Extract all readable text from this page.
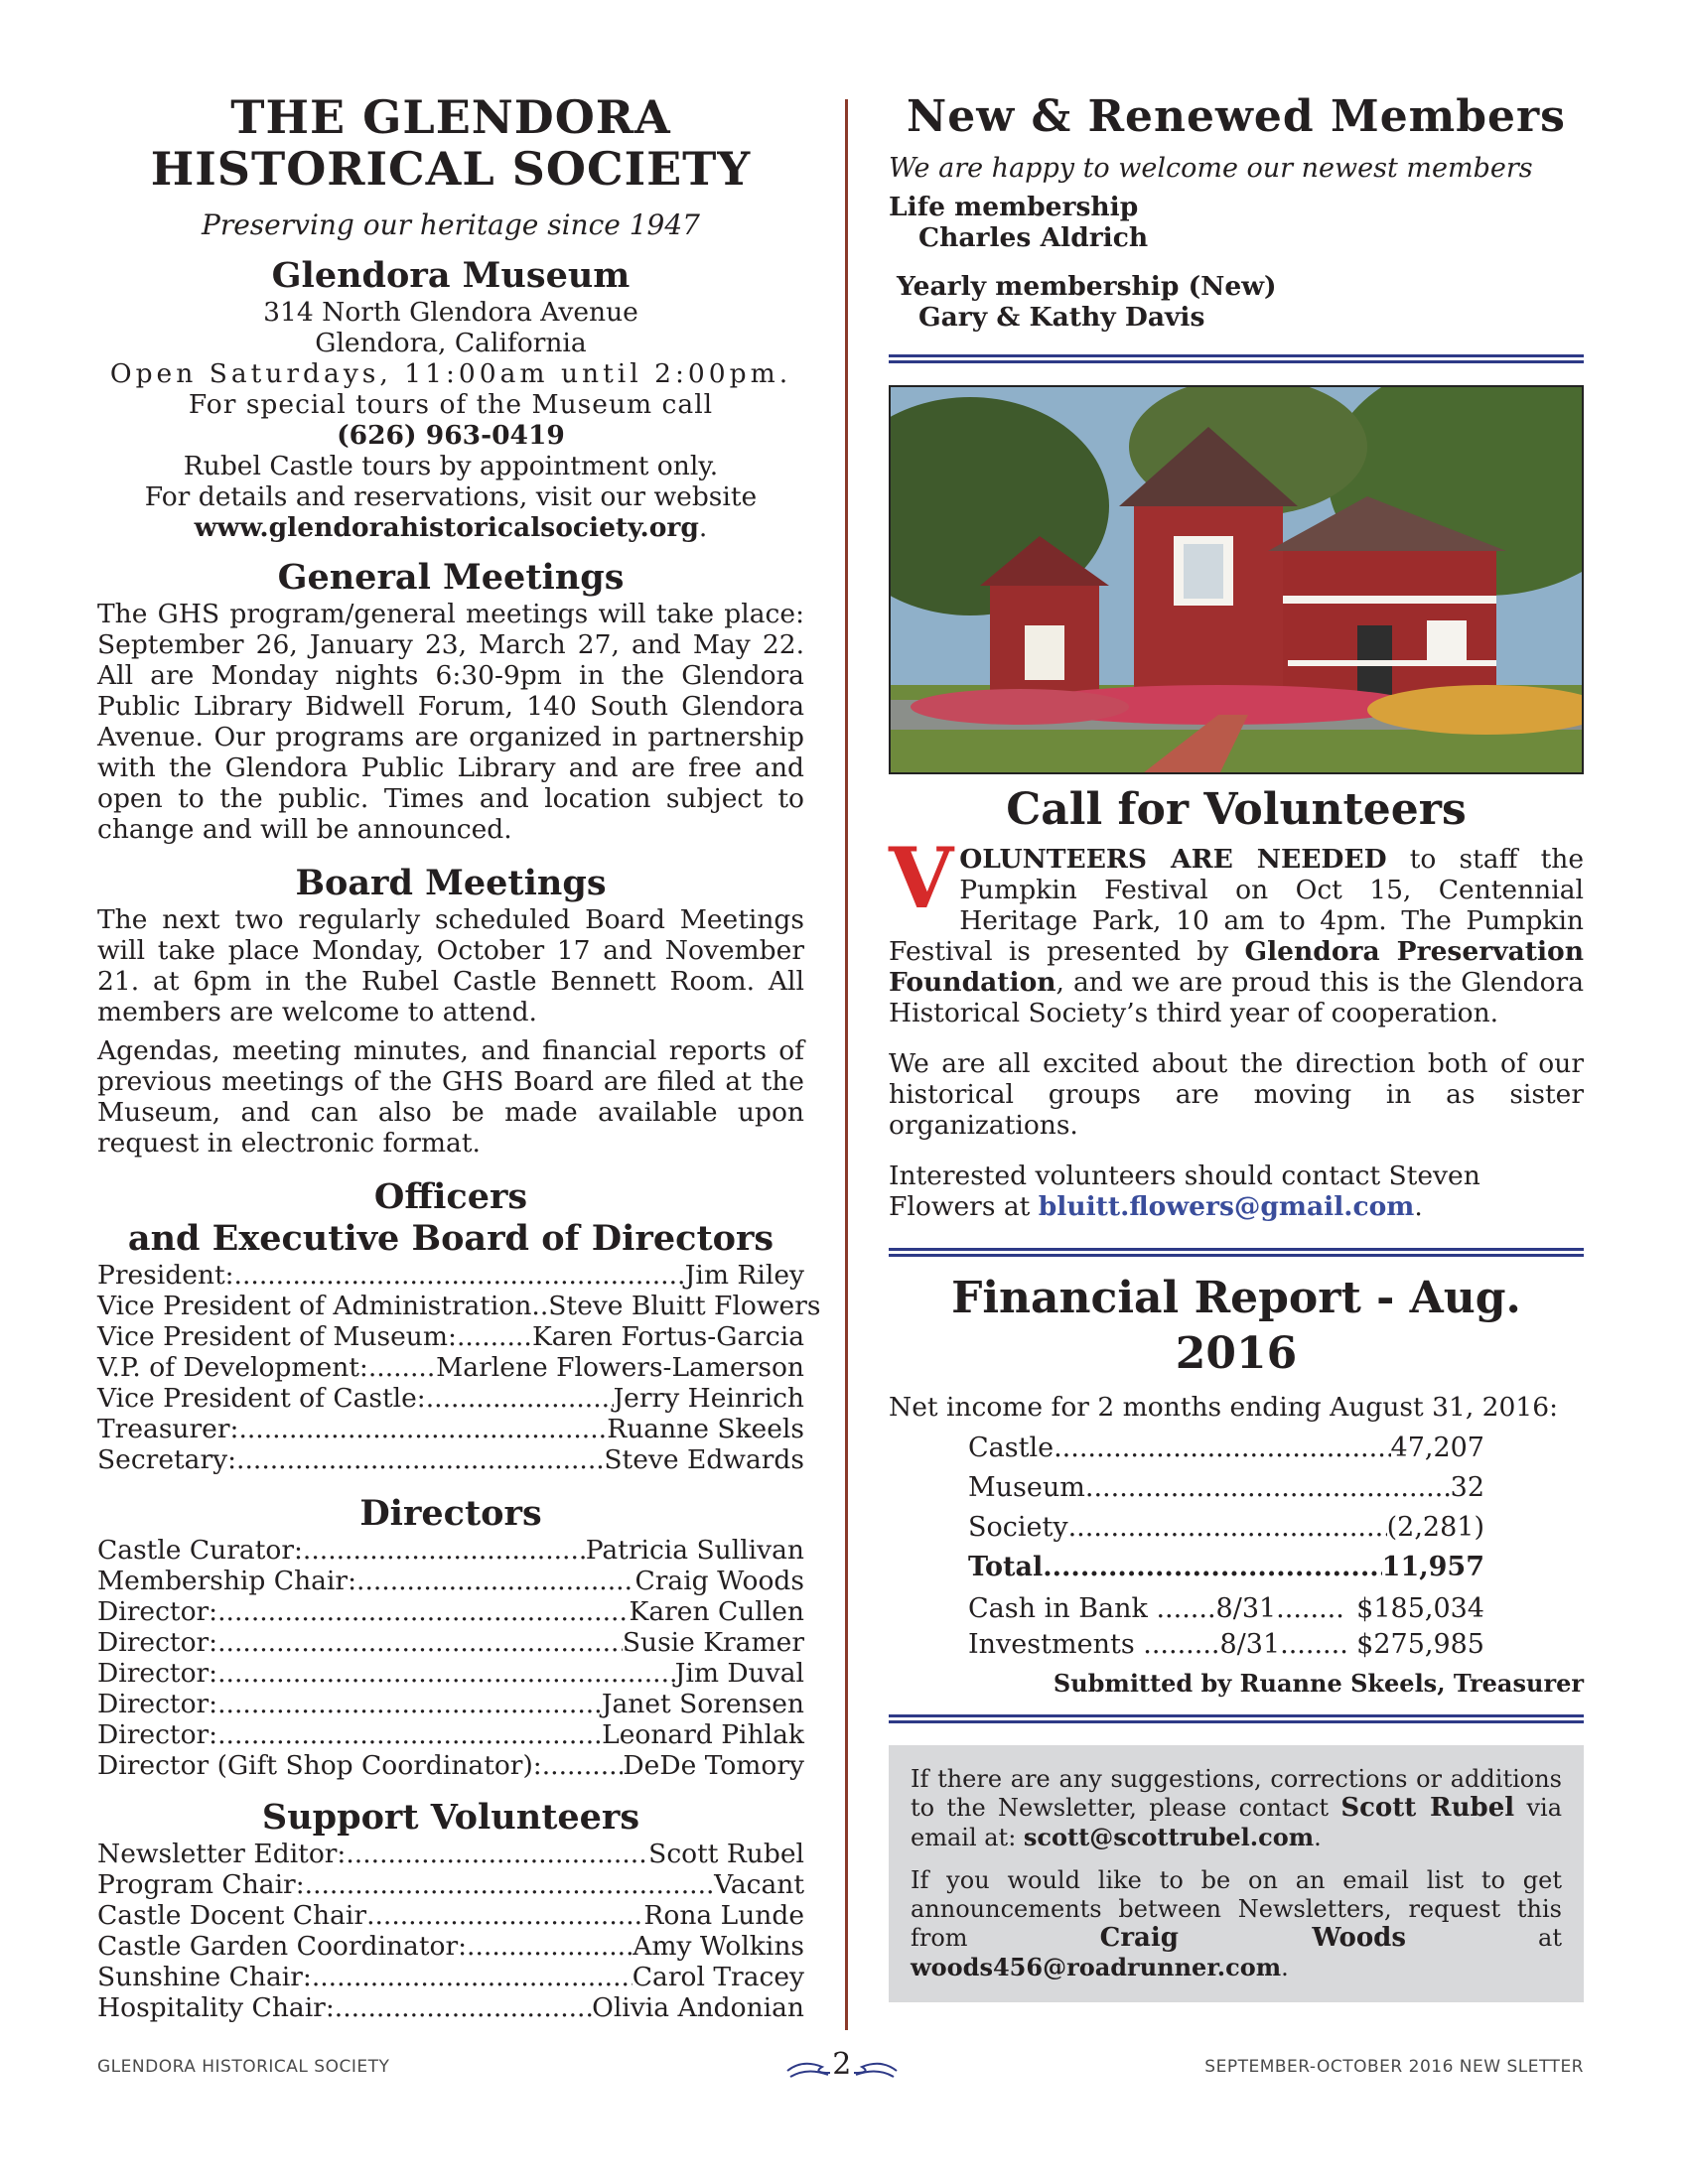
THE GLENDORA
HISTORICAL SOCIETY
Preserving our heritage since 1947
Glendora Museum
314 North Glendora Avenue
Glendora, California
Open Saturdays, 11:00am until 2:00pm.
For special tours of the Museum call
(626) 963-0419
Rubel Castle tours by appointment only.
For details and reservations, visit our website
www.glendorahistoricalsociety.org.
General Meetings
The GHS program/general meetings will take place: September 26, January 23, March 27, and May 22. All are Monday nights 6:30-9pm in the Glendora Public Library Bidwell Forum, 140 South Glendora Avenue. Our programs are organized in partnership with the Glendora Public Library and are free and open to the public. Times and location subject to change and will be announced.
Board Meetings
The next two regularly scheduled Board Meetings will take place Monday, October 17 and November 21. at 6pm in the Rubel Castle Bennett Room. All members are welcome to attend.
Agendas, meeting minutes, and financial reports of previous meetings of the GHS Board are filed at the Museum, and can also be made available upon request in electronic format.
Officers
and Executive Board of Directors
President: .....	Jim Riley
Vice President of Administration.. Steve Bluitt Flowers
Vice President of Museum: .....	Karen Fortus-Garcia
V.P. of Development: .....	Marlene Flowers-Lamerson
Vice President of Castle: .....	Jerry Heinrich
Treasurer: .....	Ruanne Skeels
Secretary: .....	Steve Edwards
Directors
Castle Curator: .....	Patricia Sullivan
Membership Chair: .....	Craig Woods
Director: .....	Karen Cullen
Director: .....	Susie Kramer
Director: .....	Jim Duval
Director: .....	Janet Sorensen
Director: .....	Leonard Pihlak
Director (Gift Shop Coordinator): .....	DeDe Tomory
Support Volunteers
Newsletter Editor: .....	Scott Rubel
Program Chair: .....	Vacant
Castle Docent Chair .....	Rona Lunde
Castle Garden Coordinator: .....	Amy Wolkins
Sunshine Chair: .....	Carol Tracey
Hospitality Chair: .....	Olivia Andonian
New & Renewed Members
We are happy to welcome our newest members
Life membership
Charles Aldrich
Yearly membership (New)
Gary & Kathy Davis
Call for Volunteers
VOLUNTEERS ARE NEEDED to staff the Pumpkin Festival on Oct 15, Centennial Heritage Park, 10 am to 4pm. The Pumpkin Festival is presented by Glendora Preservation Foundation, and we are proud this is the Glendora Historical Society’s third year of cooperation.
We are all excited about the direction both of our historical groups are moving in as sister organizations.
Interested volunteers should contact Steven Flowers at bluitt.flowers@gmail.com.
Financial Report - Aug. 2016
Net income for 2 months ending August 31, 2016:
Castle .....	47,207
Museum .....	32
Society .....	(2,281)
Total .....	11,957
Cash in Bank .......8/31........ $185,034
Investments .........8/31........ $275,985
Submitted by Ruanne Skeels, Treasurer
If there are any suggestions, corrections or additions to the Newsletter, please contact Scott Rubel via email at: scott@scottrubel.com.
If you would like to be on an email list to get announcements between Newsletters, request this from Craig Woods at woods456@roadrunner.com.
GLENDORA HISTORICAL SOCIETY	2	SEPTEMBER-OCTOBER 2016 NEW SLETTER
